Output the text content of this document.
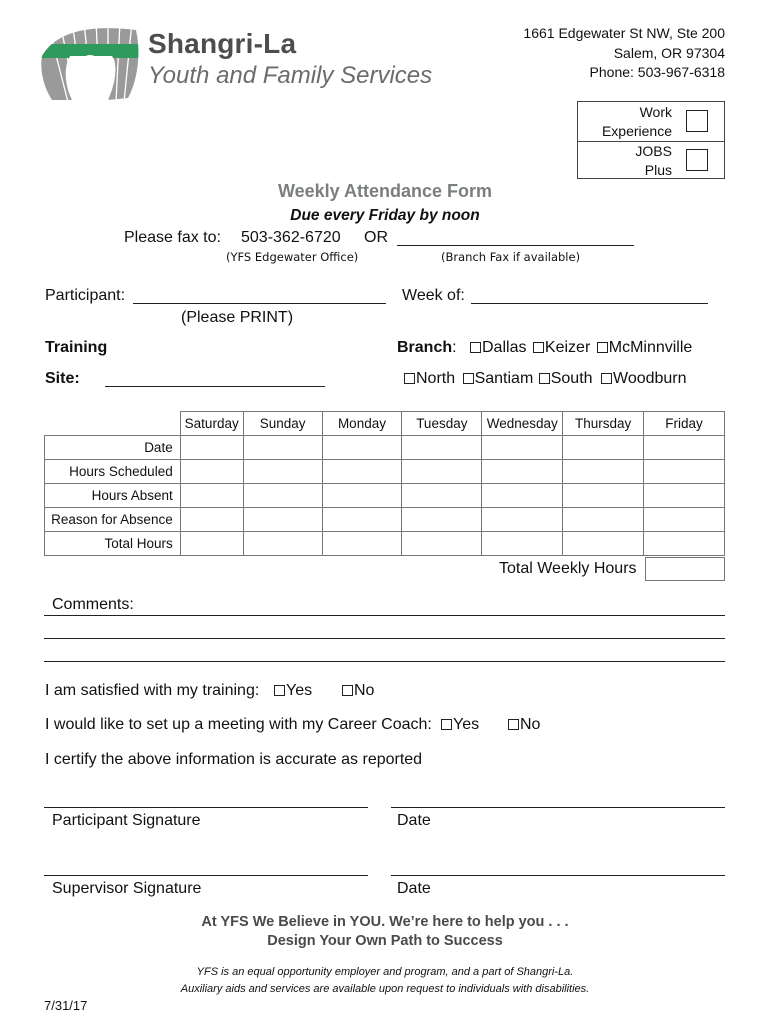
Shangri-La
Youth and Family Services
1661 Edgewater St NW, Ste 200
Salem, OR 97304
Phone: 503-967-6318
Work
Experience
JOBS
Plus
Weekly Attendance Form
Due every Friday by noon
Please fax to: 503-362-6720 OR
(YFS Edgewater Office)	(Branch Fax if available)
Participant:
(Please PRINT)
Week of:
Training
Site:
Branch:	Dallas Keizer McMinnville
North Santiam South Woodburn
	Saturday	Sunday	Monday	Tuesday	Wednesday	Thursday	Friday
Date							
Hours Scheduled							
Hours Absent							
Reason for Absence							
Total Hours							
Total Weekly Hours
Comments:
I am satisfied with my training:	Yes	No
I would like to set up a meeting with my Career Coach:	Yes	No
I certify the above information is accurate as reported
Participant Signature	Date
Supervisor Signature	Date
At YFS We Believe in YOU. We’re here to help you . . .
Design Your Own Path to Success
YFS is an equal opportunity employer and program, and a part of Shangri-La.
Auxiliary aids and services are available upon request to individuals with disabilities.
7/31/17
